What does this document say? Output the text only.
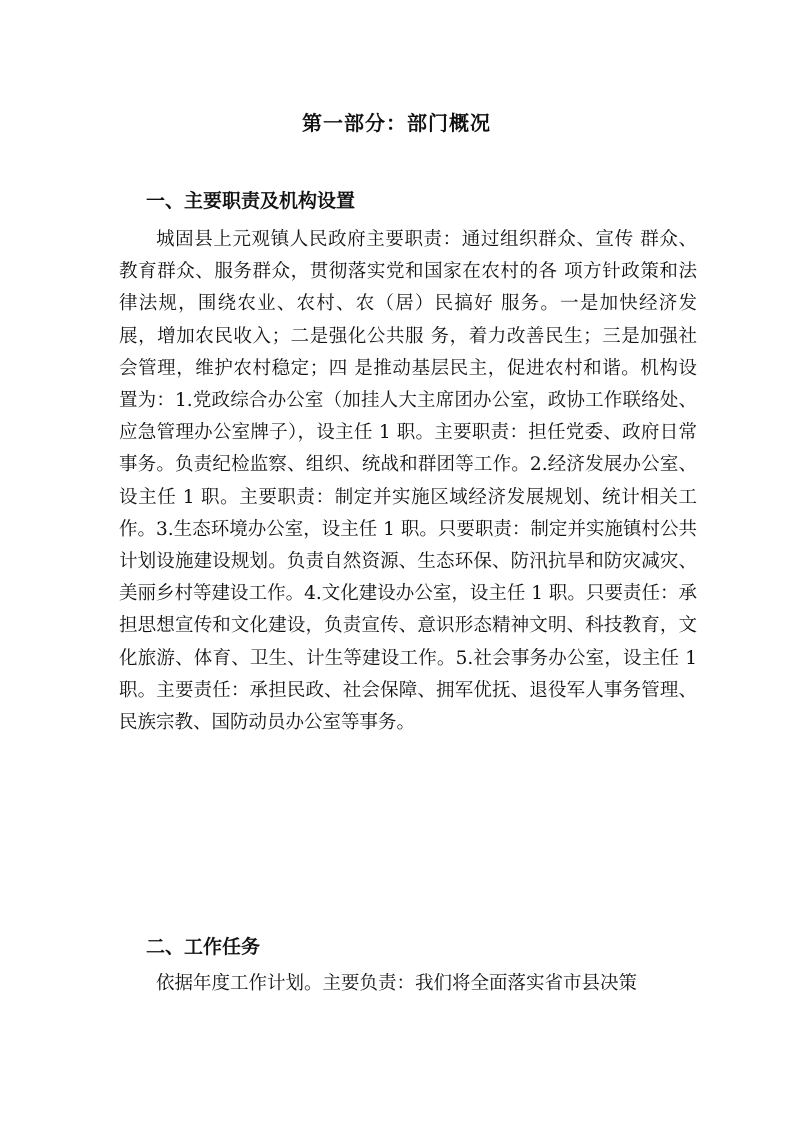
第一部分：部门概况
一、主要职责及机构设置

城固县上元观镇人民政府主要职责：通过组织群众、宣传 群众、教育群众、服务群众，贯彻落实党和国家在农村的各 项方针政策和法律法规，围绕农业、农村、农（居）民搞好 服务。一是加快经济发展，增加农民收入；二是强化公共服 务，着力改善民生；三是加强社会管理，维护农村稳定；四 是推动基层民主，促进农村和谐。机构设置为：1.党政综合办公室（加挂人大主席团办公室，政协工作联络处、应急管理办公室牌子），设主任 1 职。主要职责：担任党委、政府日常事务。负责纪检监察、组织、统战和群团等工作。2.经济发展办公室、设主任 1 职。主要职责：制定并实施区域经济发展规划、统计相关工作。3.生态环境办公室，设主任 1 职。只要职责：制定并实施镇村公共计划设施建设规划。负责自然资源、生态环保、防汛抗旱和防灾减灾、美丽乡村等建设工作。4.文化建设办公室，设主任 1 职。只要责任：承担思想宣传和文化建设，负责宣传、意识形态精神文明、科技教育，文化旅游、体育、卫生、计生等建设工作。5.社会事务办公室，设主任 1 职。主要责任：承担民政、社会保障、拥军优抚、退役军人事务管理、民族宗教、国防动员办公室等事务。

二、工作任务

依据年度工作计划。主要负责：我们将全面落实省市县决策
